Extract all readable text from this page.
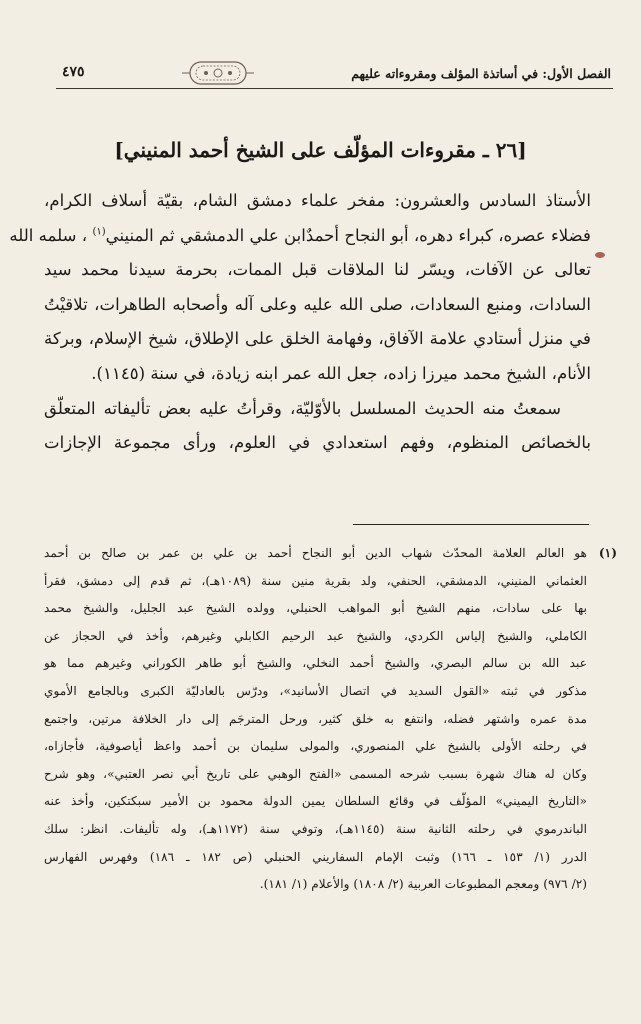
الفصل الأول: في أساتذة المؤلف ومقروءاته عليهم
٤٧٥
[٢٦ ـ مقروءات المؤلّف على الشيخ أحمد المنيني]
الأستاذ السادس والعشرون: مفخر علماء دمشق الشام، بقيّة أسلاف الكرام،
فضلاء عصره، كبراء دهره، أبو النجاح أحمدٌابن علي الدمشقي ثم المنيني$^{(١)}$ ، سلمه الله
تعالى عن الآفات، ويسّر لنا الملاقات قبل الممات، بحرمة سيدنا محمد سيد
السادات، ومنبع السعادات، صلى الله عليه وعلى آله وأصحابه الطاهرات، تلاقيْتُ
في منزل أستادي علامة الآفاق، وفهامة الخلق على الإطلاق، شيخ الإسلام، وبركة
الأنام، الشيخ محمد ميرزا زاده، جعل الله عمر ابنه زيادة، في سنة (١١٤٥).
سمعتُ منه الحديث المسلسل بالأوّليّة، وقرأتُ عليه بعض تأليفاته المتعلّق
بالخصائص المنظوم، وفهم استعدادي في العلوم، ورأى مجموعة الإجازات
(١)
هو العالم العلامة المحدّث شهاب الدين أبو النجاح أحمد بن علي بن عمر بن صالح بن أحمد
العثماني المنيني، الدمشقي، الحنفي، ولد بقرية منين سنة (١٠٨٩هـ)، ثم قدم إلى دمشق، فقرأ
بها على سادات، منهم الشيخ أبو المواهب الحنبلي، وولده الشيخ عبد الجليل، والشيخ محمد
الكاملي، والشيخ إلياس الكردي، والشيخ عبد الرحيم الكابلي وغيرهم، وأخذ في الحجاز عن
عبد الله بن سالم البصري، والشيخ أحمد النخلي، والشيخ أبو طاهر الكوراني وغيرهم مما هو
مذكور في ثبته «القول السديد في اتصال الأسانيد»، ودرّس بالعادليّة الكبرى وبالجامع الأموي
مدة عمره واشتهر فضله، وانتفع به خلق كثير، ورحل المترجَم إلى دار الخلافة مرتين، واجتمع
في رحلته الأولى بالشيخ علي المنصوري، والمولى سليمان بن أحمد واعظ أياصوفية، فأجازاه،
وكان له هناك شهرة بسبب شرحه المسمى «الفتح الوهبي على تاريخ أبي نصر العتبي»، وهو شرح
«التاريخ اليميني» المؤلّف في وقائع السلطان يمين الدولة محمود بن الأمير سبكتكين، وأخذ عنه
الباندرموي في رحلته الثانية سنة (١١٤٥هـ)، وتوفي سنة (١١٧٢هـ)، وله تأليفات. انظر: سلك
الدرر (١/ ١٥٣ ـ ١٦٦) وثبت الإمام السفاريني الحنبلي (ص ١٨٢ ـ ١٨٦) وفهرس الفهارس
(٢/ ٩٧٦) ومعجم المطبوعات العربية (٢/ ١٨٠٨) والأعلام (١/ ١٨١).
